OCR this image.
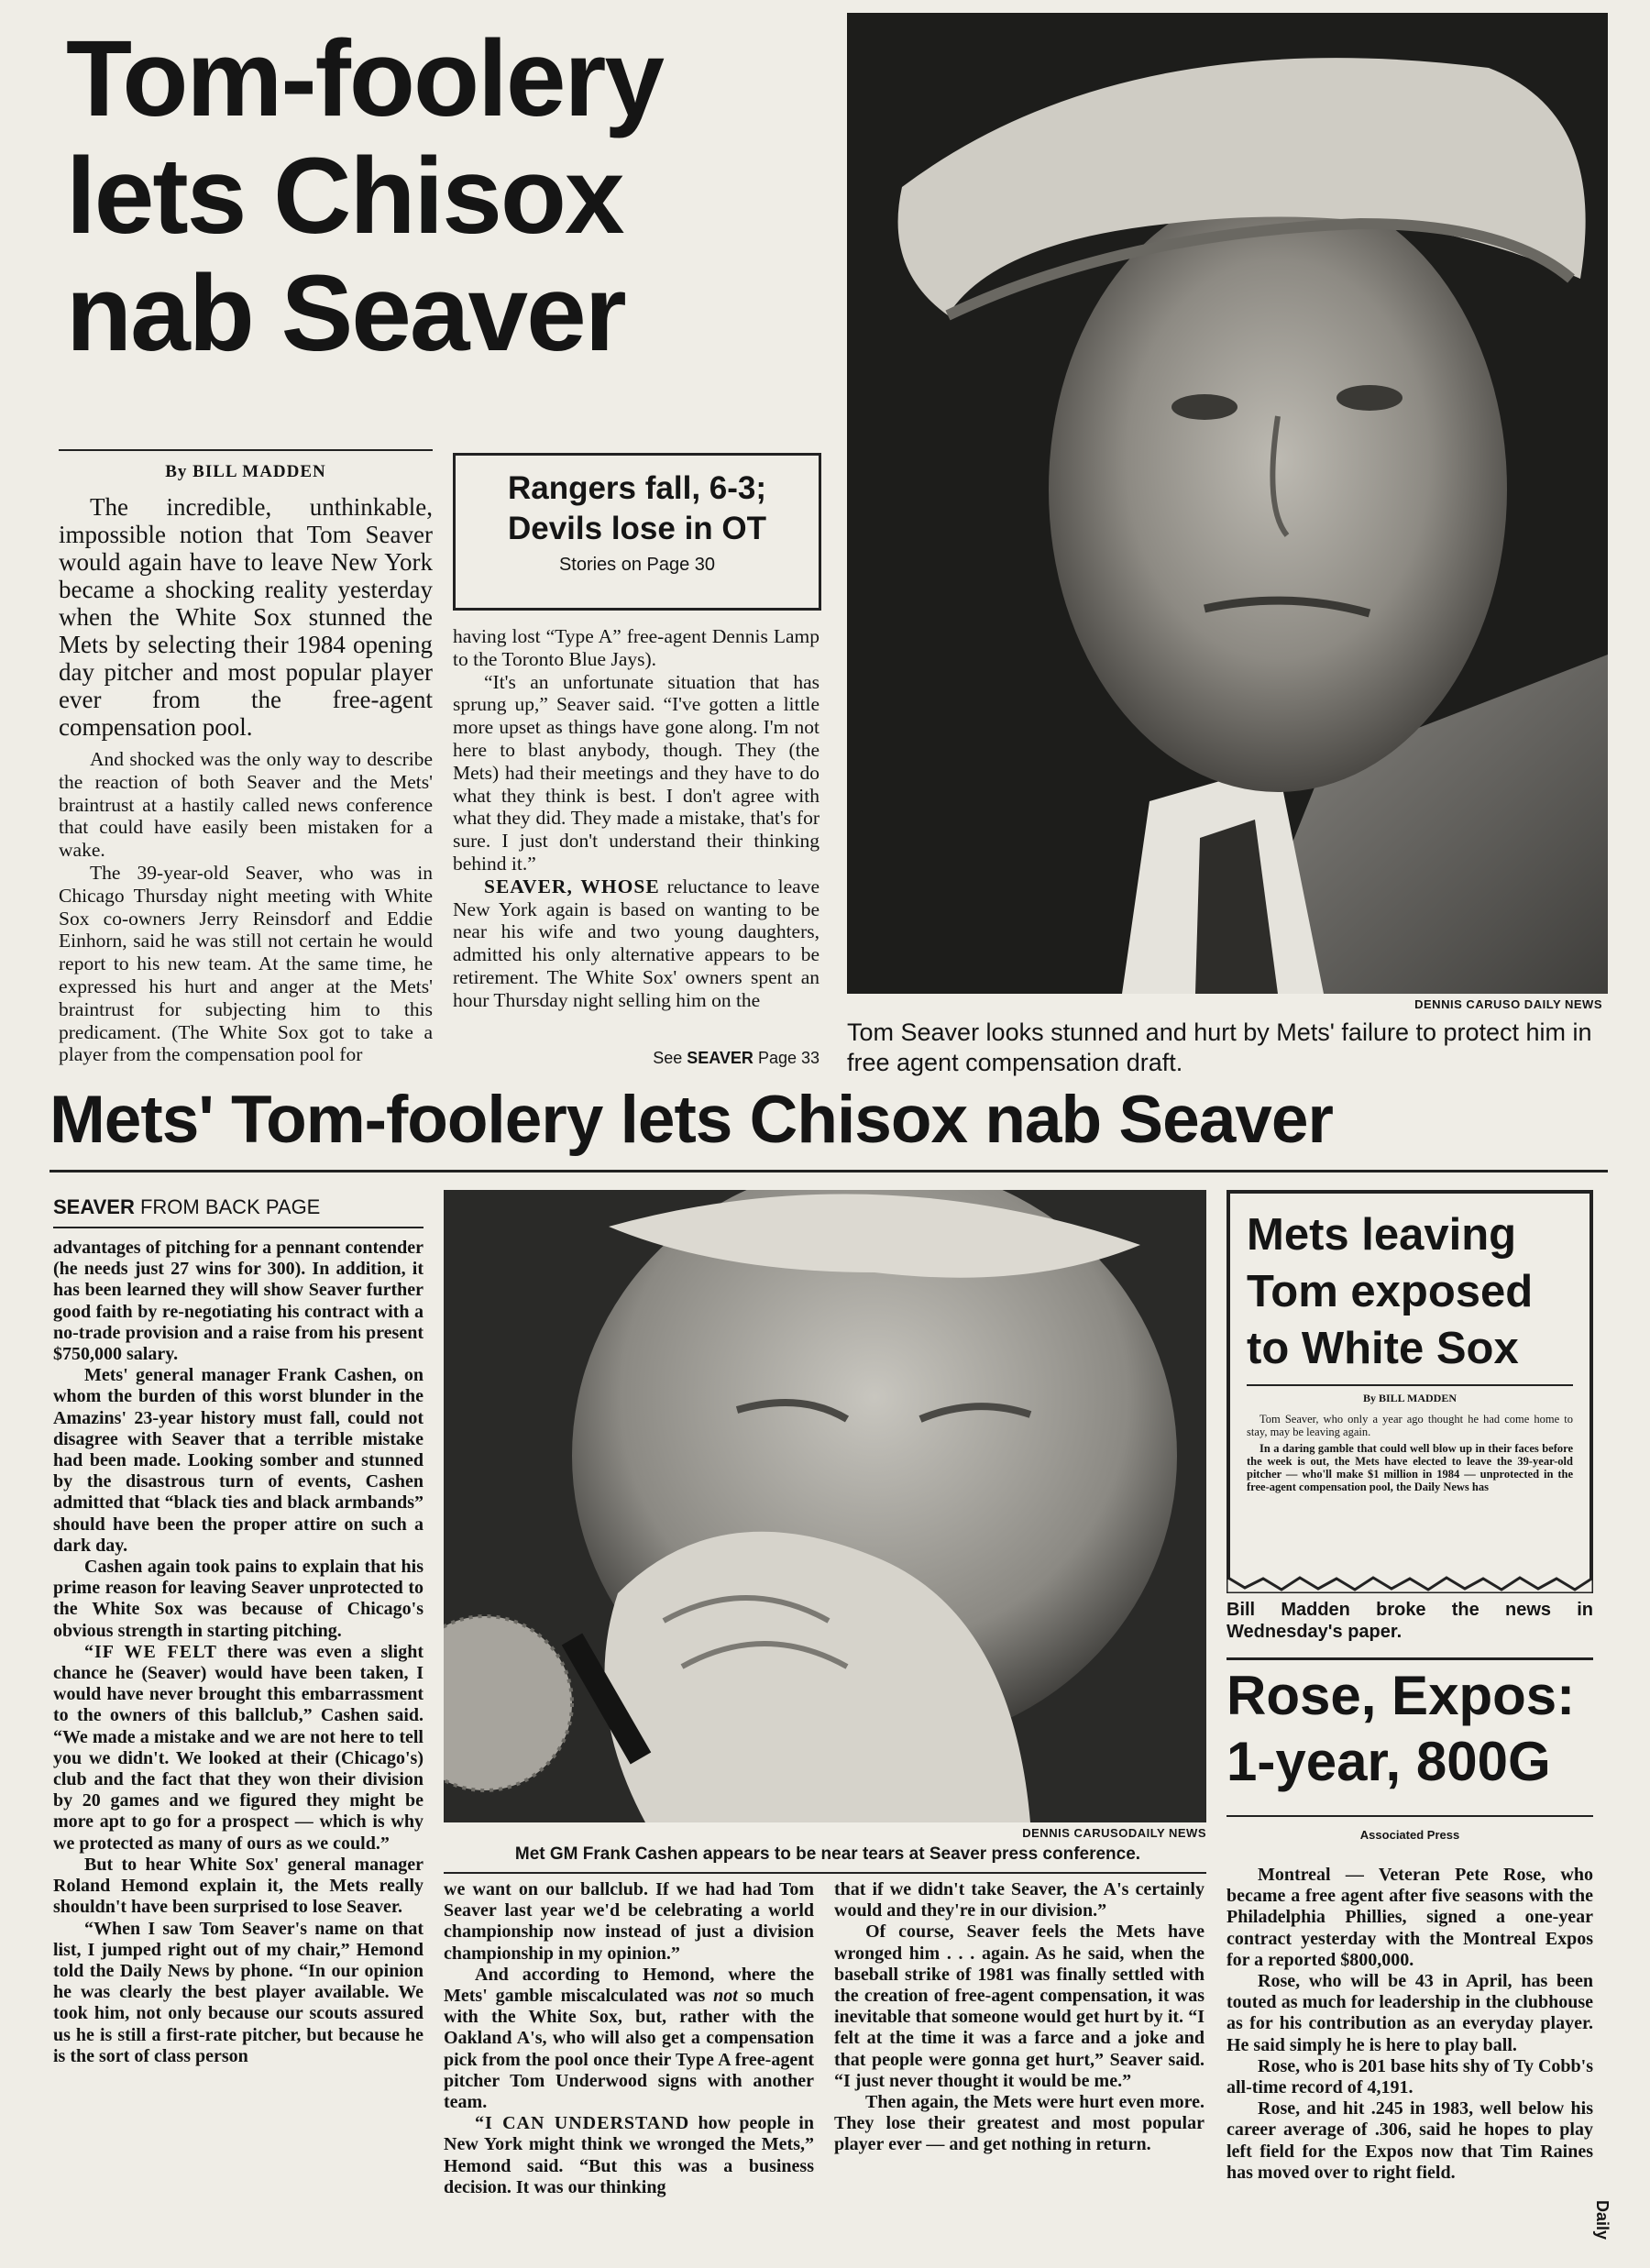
Tom-foolery
lets Chisox
nab Seaver
By BILL MADDEN

The incredible, unthinkable, impossible notion that Tom Seaver would again have to leave New York became a shocking reality yesterday when the White Sox stunned the Mets by selecting their 1984 opening day pitcher and most popular player ever from the free-agent compensation pool.

And shocked was the only way to describe the reaction of both Seaver and the Mets' braintrust at a hastily called news conference that could have easily been mistaken for a wake.

The 39-year-old Seaver, who was in Chicago Thursday night meeting with White Sox co-owners Jerry Reinsdorf and Eddie Einhorn, said he was still not certain he would report to his new team. At the same time, he expressed his hurt and anger at the Mets' braintrust for subjecting him to this predicament. (The White Sox got to take a player from the compensation pool for

Rangers fall, 6-3;
Devils lose in OT
Stories on Page 30

having lost “Type A” free-agent Dennis Lamp to the Toronto Blue Jays).

“It's an unfortunate situation that has sprung up,” Seaver said. “I've gotten a little more upset as things have gone along. I'm not here to blast anybody, though. They (the Mets) had their meetings and they have to do what they think is best. I don't agree with what they did. They made a mistake, that's for sure. I just don't understand their thinking behind it.”

SEAVER, WHOSE reluctance to leave New York again is based on wanting to be near his wife and two young daughters, admitted his only alternative appears to be retirement. The White Sox' owners spent an hour Thursday night selling him on the

See SEAVER Page 33
DENNIS CARUSO DAILY NEWS
Tom Seaver looks stunned and hurt by Mets' failure to protect him in free agent compensation draft.
Mets' Tom-foolery lets Chisox nab Seaver
SEAVER FROM BACK PAGE

advantages of pitching for a pennant contender (he needs just 27 wins for 300). In addition, it has been learned they will show Seaver further good faith by re-negotiating his contract with a no-trade provision and a raise from his present $750,000 salary.

Mets' general manager Frank Cashen, on whom the burden of this worst blunder in the Amazins' 23-year history must fall, could not disagree with Seaver that a terrible mistake had been made. Looking somber and stunned by the disastrous turn of events, Cashen admitted that “black ties and black armbands” should have been the proper attire on such a dark day.

Cashen again took pains to explain that his prime reason for leaving Seaver unprotected to the White Sox was because of Chicago's obvious strength in starting pitching.

“IF WE FELT there was even a slight chance he (Seaver) would have been taken, I would have never brought this embarrassment to the owners of this ballclub,” Cashen said. “We made a mistake and we are not here to tell you we didn't. We looked at their (Chicago's) club and the fact that they won their division by 20 games and we figured they might be more apt to go for a prospect — which is why we protected as many of ours as we could.”

But to hear White Sox' general manager Roland Hemond explain it, the Mets really shouldn't have been surprised to lose Seaver.

“When I saw Tom Seaver's name on that list, I jumped right out of my chair,” Hemond told the Daily News by phone. “In our opinion he was clearly the best player available. We took him, not only because our scouts assured us he is still a first-rate pitcher, but because he is the sort of class person

DENNIS CARUSODAILY NEWS
Met GM Frank Cashen appears to be near tears at Seaver press conference.

we want on our ballclub. If we had had Tom Seaver last year we'd be celebrating a world championship now instead of just a division championship in my opinion.”

And according to Hemond, where the Mets' gamble miscalculated was not so much with the White Sox, but, rather with the Oakland A's, who will also get a compensation pick from the pool once their Type A free-agent pitcher Tom Underwood signs with another team.

“I CAN UNDERSTAND how people in New York might think we wronged the Mets,” Hemond said. “But this was a business decision. It was our thinking

that if we didn't take Seaver, the A's certainly would and they're in our division.”

Of course, Seaver feels the Mets have wronged him . . . again. As he said, when the baseball strike of 1981 was finally settled with the creation of free-agent compensation, it was inevitable that someone would get hurt by it. “I felt at the time it was a farce and a joke and that people were gonna get hurt,” Seaver said. “I just never thought it would be me.”

Then again, the Mets were hurt even more. They lose their greatest and most popular player ever — and get nothing in return.

Mets leaving
Tom exposed
to White Sox
By BILL MADDEN

Tom Seaver, who only a year ago thought he had come home to stay, may be leaving again.

In a daring gamble that could well blow up in their faces before the week is out, the Mets have elected to leave the 39-year-old pitcher — who'll make $1 million in 1984 — unprotected in the free-agent compensation pool, the Daily News has

Bill Madden broke the news in Wednesday's paper.
Rose, Expos:
1-year, 800G
Associated Press

Montreal — Veteran Pete Rose, who became a free agent after five seasons with the Philadelphia Phillies, signed a one-year contract yesterday with the Montreal Expos for a reported $800,000.

Rose, who will be 43 in April, has been touted as much for leadership in the clubhouse as for his contribution as an everyday player. He said simply he is here to play ball.

Rose, who is 201 base hits shy of Ty Cobb's all-time record of 4,191.

Rose, and hit .245 in 1983, well below his career average of .306, said he hopes to play left field for the Expos now that Tim Raines has moved over to right field.

Daily
